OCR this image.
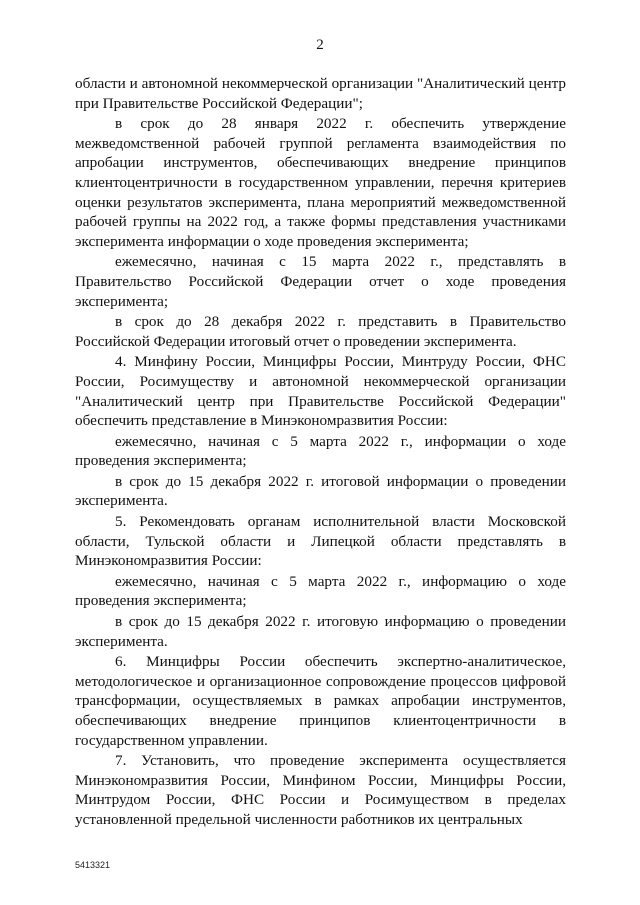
2

области и автономной некоммерческой организации "Аналитический центр при Правительстве Российской Федерации";

в срок до 28 января 2022 г. обеспечить утверждение межведомственной рабочей группой регламента взаимодействия по апробации инструментов, обеспечивающих внедрение принципов клиентоцентричности в государственном управлении, перечня критериев оценки результатов эксперимента, плана мероприятий межведомственной рабочей группы на 2022 год, а также формы представления участниками эксперимента информации о ходе проведения эксперимента;

ежемесячно, начиная с 15 марта 2022 г., представлять в Правительство Российской Федерации отчет о ходе проведения эксперимента;

в срок до 28 декабря 2022 г. представить в Правительство Российской Федерации итоговый отчет о проведении эксперимента.

4. Минфину России, Минцифры России, Минтруду России, ФНС России, Росимуществу и автономной некоммерческой организации "Аналитический центр при Правительстве Российской Федерации" обеспечить представление в Минэкономразвития России:

ежемесячно, начиная с 5 марта 2022 г., информации о ходе проведения эксперимента;

в срок до 15 декабря 2022 г. итоговой информации о проведении эксперимента.

5. Рекомендовать органам исполнительной власти Московской области, Тульской области и Липецкой области представлять в Минэкономразвития России:

ежемесячно, начиная с 5 марта 2022 г., информацию о ходе проведения эксперимента;

в срок до 15 декабря 2022 г. итоговую информацию о проведении эксперимента.

6. Минцифры России обеспечить экспертно-аналитическое, методологическое и организационное сопровождение процессов цифровой трансформации, осуществляемых в рамках апробации инструментов, обеспечивающих внедрение принципов клиентоцентричности в государственном управлении.

7. Установить, что проведение эксперимента осуществляется Минэкономразвития России, Минфином России, Минцифры России, Минтрудом России, ФНС России и Росимуществом в пределах установленной предельной численности работников их центральных

5413321
